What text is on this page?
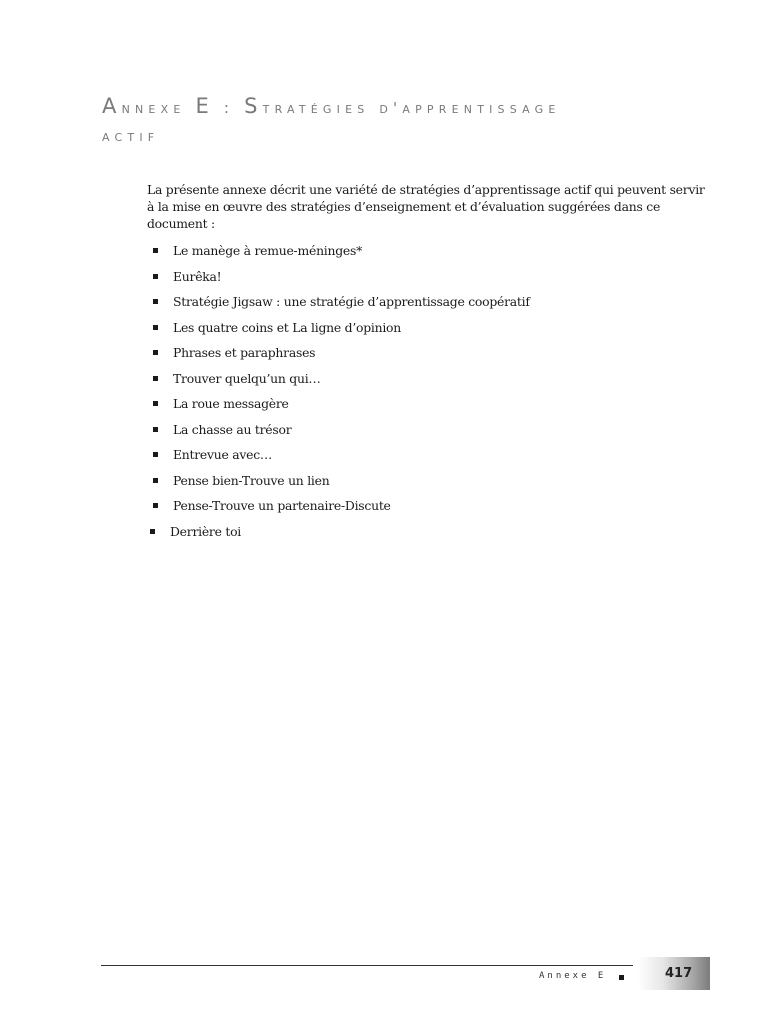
Annexe E : Stratégies d'apprentissage
actif

La présente annexe décrit une variété de stratégies d’apprentissage actif qui peuvent servir à la mise en œuvre des stratégies d’enseignement et d’évaluation suggérées dans ce document :

Le manège à remue-méninges*
Eurêka!
Stratégie Jigsaw : une stratégie d’apprentissage coopératif
Les quatre coins et La ligne d’opinion
Phrases et paraphrases
Trouver quelqu’un qui…
La roue messagère
La chasse au trésor
Entrevue avec…
Pense bien-Trouve un lien
Pense-Trouve un partenaire-Discute
Derrière toi
Annexe E	417
